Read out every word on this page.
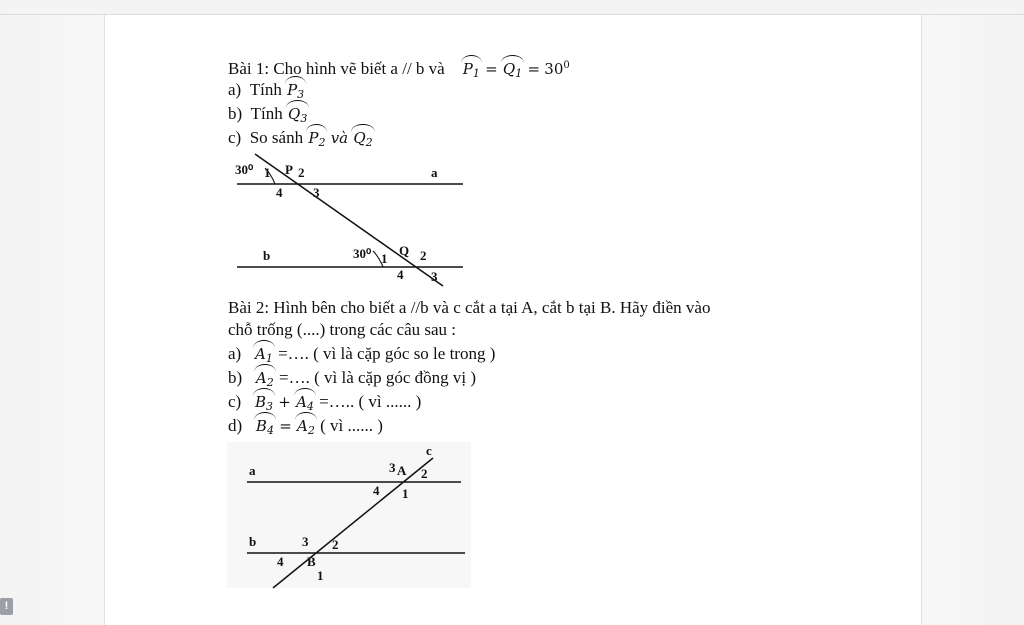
!
Bài 1: Cho hình vẽ biết a // b và $P_1 = Q_1 = 30^0$
a) Tính $P_3$
b) Tính $Q_3$
c) So sánh $P_2$ và $Q_2$
30⁰ 1 P 2
3
4
a
b	30⁰ 1
Q 2
3
4
Bài 2: Hình bên cho biết a //b và c cắt a tại A, cắt b tại B. Hãy điền vào
chỗ trống (....) trong các câu sau :
a) $A_1$ =…. ( vì là cặp góc so le trong )
b) $A_2$ =…. ( vì là cặp góc đồng vị )
c) $B_3 + A_4$ =….. ( vì ...... )
d) $B_4 = A_2$ ( vì ...... )
a
b
c
3 A 2
4 1
3 2
4 B
1
